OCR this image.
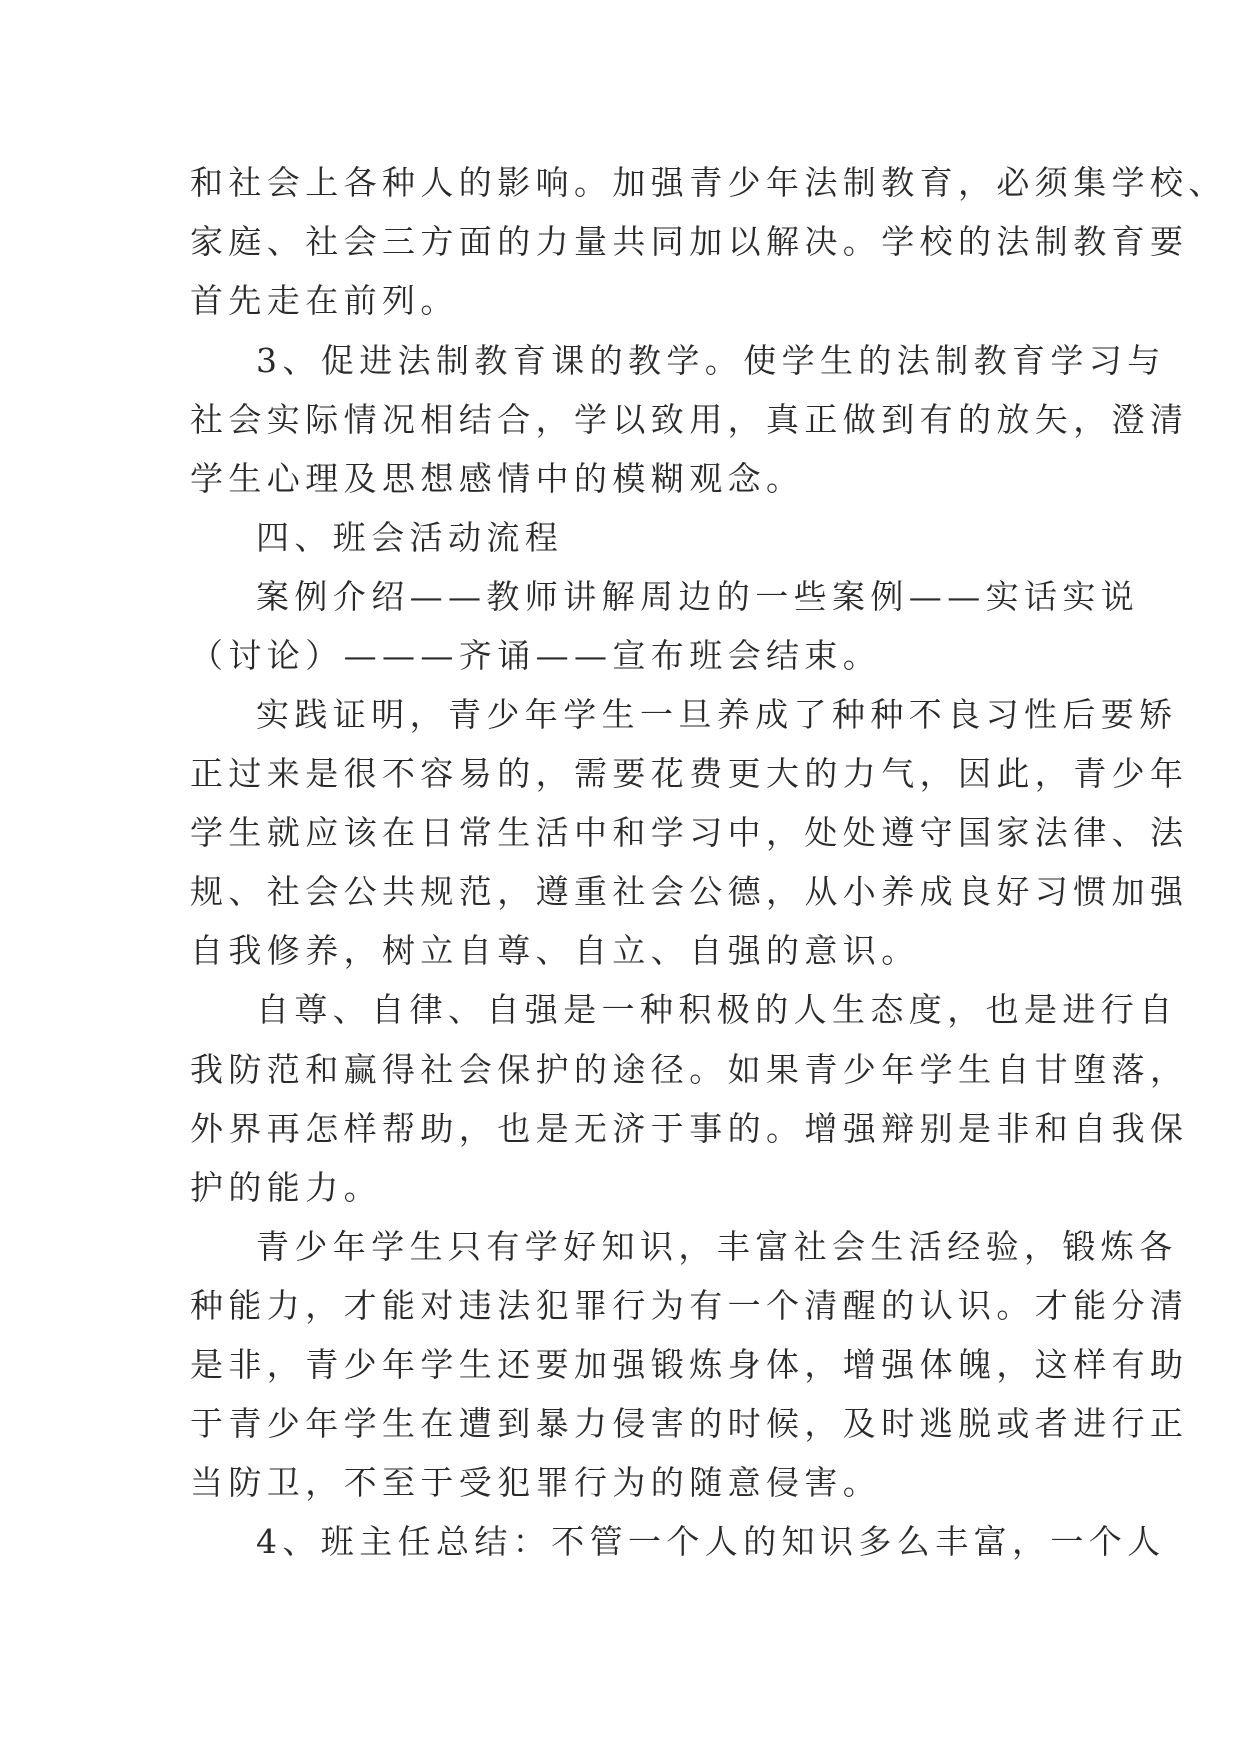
和社会上各种人的影响。加强青少年法制教育，必须集学校、
家庭、社会三方面的力量共同加以解决。学校的法制教育要
首先走在前列。
3、促进法制教育课的教学。使学生的法制教育学习与
社会实际情况相结合，学以致用，真正做到有的放矢，澄清
学生心理及思想感情中的模糊观念。
四、班会活动流程
案例介绍——教师讲解周边的一些案例——实话实说
（讨论）———齐诵——宣布班会结束。
实践证明，青少年学生一旦养成了种种不良习性后要矫
正过来是很不容易的，需要花费更大的力气，因此，青少年
学生就应该在日常生活中和学习中，处处遵守国家法律、法
规、社会公共规范，遵重社会公德，从小养成良好习惯加强
自我修养，树立自尊、自立、自强的意识。
自尊、自律、自强是一种积极的人生态度，也是进行自
我防范和赢得社会保护的途径。如果青少年学生自甘堕落，
外界再怎样帮助，也是无济于事的。增强辩别是非和自我保
护的能力。
青少年学生只有学好知识，丰富社会生活经验，锻炼各
种能力，才能对违法犯罪行为有一个清醒的认识。才能分清
是非，青少年学生还要加强锻炼身体，增强体魄，这样有助
于青少年学生在遭到暴力侵害的时候，及时逃脱或者进行正
当防卫，不至于受犯罪行为的随意侵害。
4、班主任总结：不管一个人的知识多么丰富，一个人
